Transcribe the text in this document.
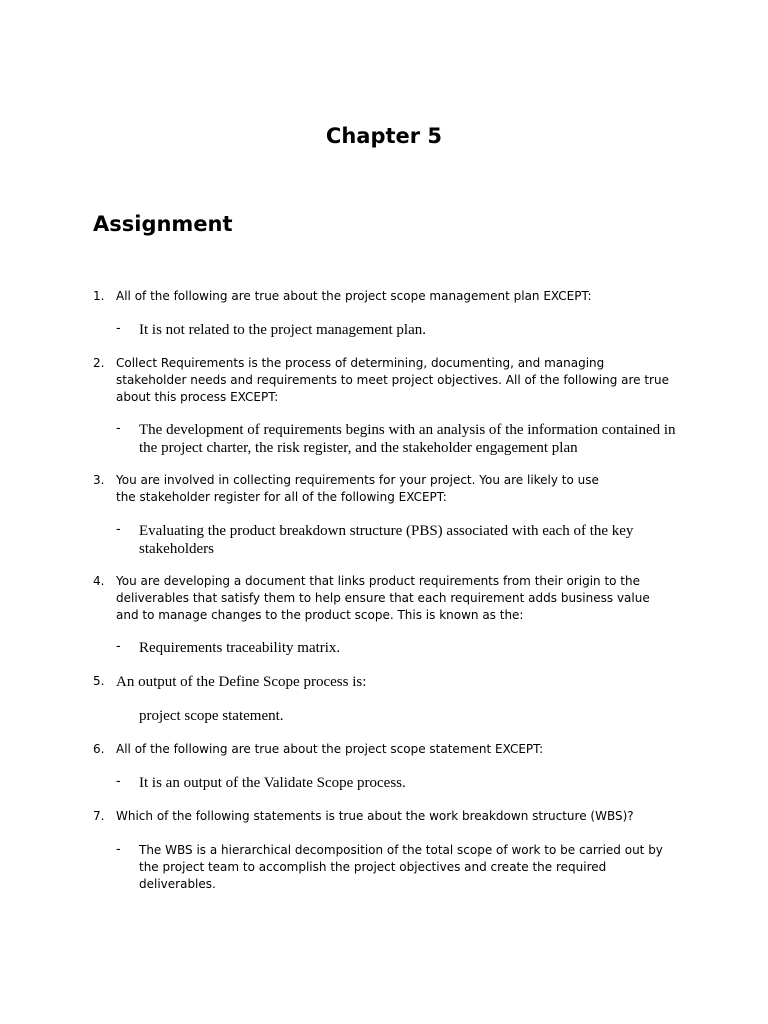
Chapter 5
Assignment
1. All of the following are true about the project scope management plan EXCEPT:
- It is not related to the project management plan.
2. Collect Requirements is the process of determining, documenting, and managing stakeholder needs and requirements to meet project objectives. All of the following are true about this process EXCEPT:
- The development of requirements begins with an analysis of the information contained in the project charter, the risk register, and the stakeholder engagement plan
3. You are involved in collecting requirements for your project. You are likely to use the stakeholder register for all of the following EXCEPT:
- Evaluating the product breakdown structure (PBS) associated with each of the key stakeholders
4. You are developing a document that links product requirements from their origin to the deliverables that satisfy them to help ensure that each requirement adds business value and to manage changes to the product scope. This is known as the:
- Requirements traceability matrix.
5. An output of the Define Scope process is:
project scope statement.
6. All of the following are true about the project scope statement EXCEPT:
- It is an output of the Validate Scope process.
7. Which of the following statements is true about the work breakdown structure (WBS)?
- The WBS is a hierarchical decomposition of the total scope of work to be carried out by the project team to accomplish the project objectives and create the required deliverables.
